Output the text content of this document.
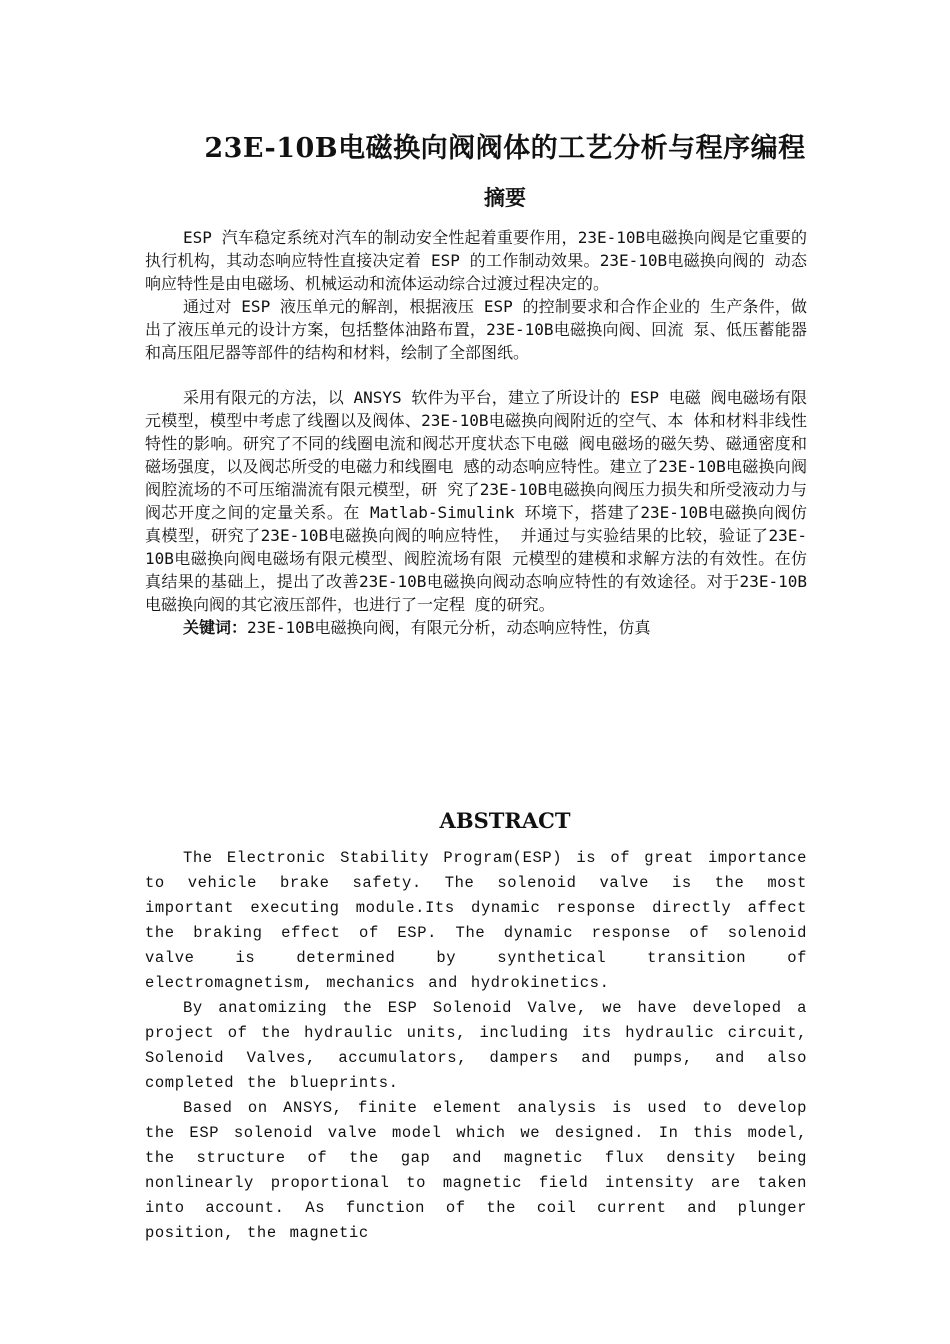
23E-10B电磁换向阀阀体的工艺分析与程序编程
摘要

ESP 汽车稳定系统对汽车的制动安全性起着重要作用，23E-10B电磁换向阀是它重要的执行机构，其动态响应特性直接决定着 ESP 的工作制动效果。23E-10B电磁换向阀的 动态响应特性是由电磁场、机械运动和流体运动综合过渡过程决定的。

通过对 ESP 液压单元的解剖，根据液压 ESP 的控制要求和合作企业的 生产条件，做出了液压单元的设计方案，包括整体油路布置，23E-10B电磁换向阀、回流 泵、低压蓄能器和高压阻尼器等部件的结构和材料，绘制了全部图纸。

采用有限元的方法，以 ANSYS 软件为平台，建立了所设计的 ESP 电磁 阀电磁场有限元模型，模型中考虑了线圈以及阀体、23E-10B电磁换向阀附近的空气、本 体和材料非线性特性的影响。研究了不同的线圈电流和阀芯开度状态下电磁 阀电磁场的磁矢势、磁通密度和磁场强度，以及阀芯所受的电磁力和线圈电 感的动态响应特性。建立了23E-10B电磁换向阀阀腔流场的不可压缩湍流有限元模型，研 究了23E-10B电磁换向阀压力损失和所受液动力与阀芯开度之间的定量关系。在 Matlab-Simulink 环境下，搭建了23E-10B电磁换向阀仿真模型，研究了23E-10B电磁换向阀的响应特性， 并通过与实验结果的比较，验证了23E-10B电磁换向阀电磁场有限元模型、阀腔流场有限 元模型的建模和求解方法的有效性。在仿真结果的基础上，提出了改善23E-10B电磁换向阀动态响应特性的有效途径。对于23E-10B电磁换向阀的其它液压部件，也进行了一定程 度的研究。

关键词：23E-10B电磁换向阀，有限元分析，动态响应特性，仿真

ABSTRACT

The Electronic Stability Program(ESP) is of great importance to vehicle brake safety. The solenoid valve is the most important executing module.Its dynamic response directly affect the braking effect of ESP. The dynamic response of solenoid valve is determined by synthetical transition of electromagnetism, mechanics and hydrokinetics.

By anatomizing the ESP Solenoid Valve, we have developed a project of the hydraulic units, including its hydraulic circuit, Solenoid Valves, accumulators, dampers and pumps, and also completed the blueprints.

Based on ANSYS, finite element analysis is used to develop the ESP solenoid valve model which we designed. In this model, the structure of the gap and magnetic flux density being nonlinearly proportional to magnetic field intensity are taken into account. As function of the coil current and plunger position, the magnetic
